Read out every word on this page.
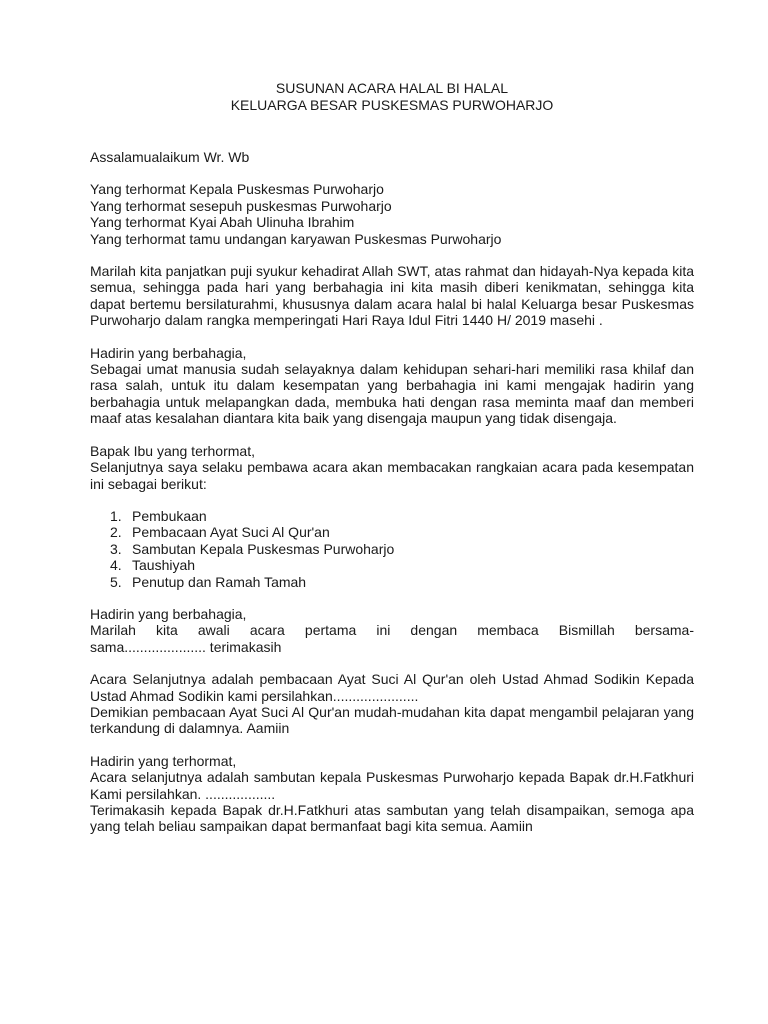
SUSUNAN ACARA HALAL BI HALAL
KELUARGA BESAR PUSKESMAS PURWOHARJO

Assalamualaikum Wr. Wb

Yang terhormat Kepala Puskesmas Purwoharjo

Yang terhormat sesepuh puskesmas Purwoharjo

Yang terhormat Kyai Abah Ulinuha Ibrahim

Yang terhormat tamu undangan karyawan Puskesmas Purwoharjo

Marilah kita panjatkan puji syukur kehadirat Allah SWT, atas rahmat dan hidayah-Nya kepada kita semua, sehingga pada hari yang berbahagia ini kita masih diberi kenikmatan, sehingga kita dapat bertemu bersilaturahmi, khususnya dalam acara halal bi halal Keluarga besar Puskesmas Purwoharjo dalam rangka memperingati Hari Raya Idul Fitri 1440 H/ 2019 masehi .

Hadirin yang berbahagia,

Sebagai umat manusia sudah selayaknya dalam kehidupan sehari-hari memiliki rasa khilaf dan rasa salah, untuk itu dalam kesempatan yang berbahagia ini kami mengajak hadirin yang berbahagia untuk melapangkan dada, membuka hati dengan rasa meminta maaf dan memberi maaf atas kesalahan diantara kita baik yang disengaja maupun yang tidak disengaja.

Bapak Ibu yang terhormat,

Selanjutnya saya selaku pembawa acara akan membacakan rangkaian acara pada kesempatan ini sebagai berikut:

1. Pembukaan
2. Pembacaan Ayat Suci Al Qur'an
3. Sambutan Kepala Puskesmas Purwoharjo
4. Taushiyah
5. Penutup dan Ramah Tamah

Hadirin yang berbahagia,

Marilah kita awali acara pertama ini dengan membaca Bismillah bersama-

sama..................... terimakasih

Acara Selanjutnya adalah pembacaan Ayat Suci Al Qur'an oleh Ustad Ahmad Sodikin Kepada Ustad Ahmad Sodikin kami persilahkan......................

Demikian pembacaan Ayat Suci Al Qur'an mudah-mudahan kita dapat mengambil pelajaran yang terkandung di dalamnya. Aamiin

Hadirin yang terhormat,

Acara selanjutnya adalah sambutan kepala Puskesmas Purwoharjo kepada Bapak dr.H.Fatkhuri Kami persilahkan. ..................

Terimakasih kepada Bapak dr.H.Fatkhuri atas sambutan yang telah disampaikan, semoga apa yang telah beliau sampaikan dapat bermanfaat bagi kita semua. Aamiin
